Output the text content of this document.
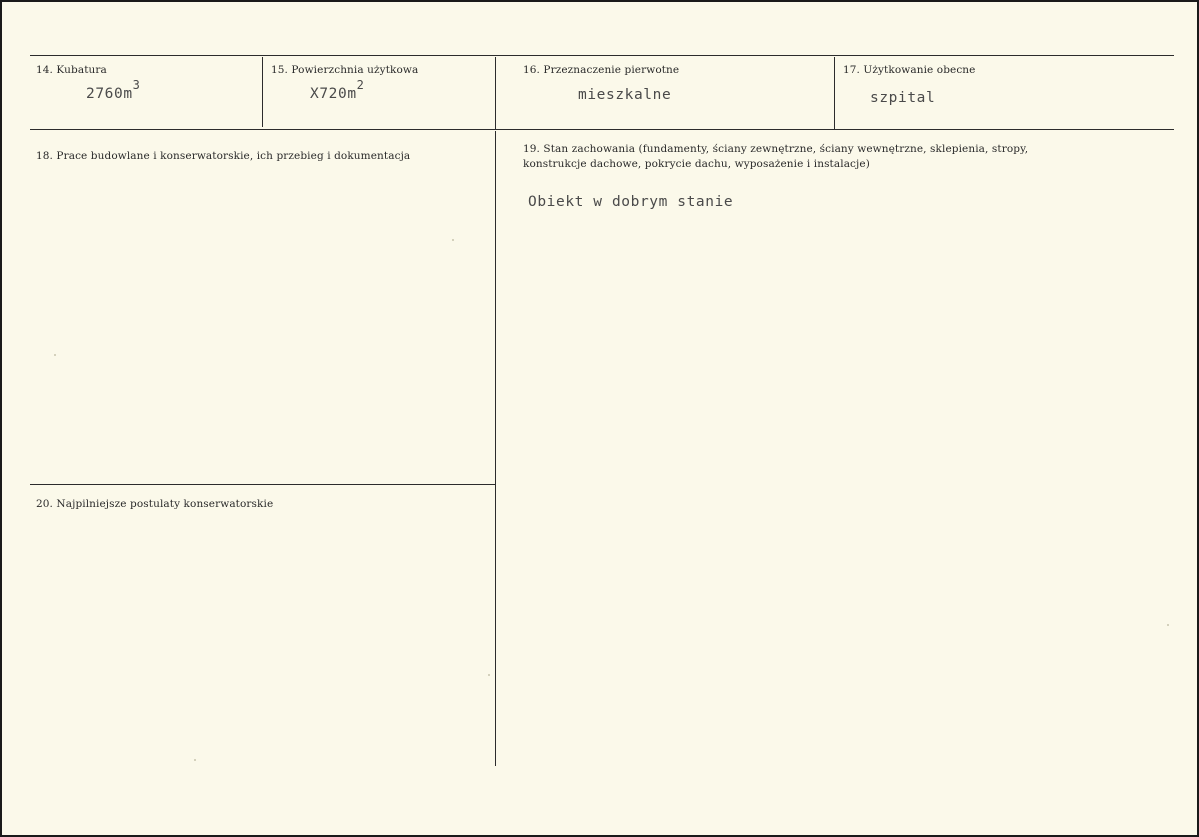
14. Kubatura
$2760m^3$
15. Powierzchnia użytkowa
$X720m^2$
16. Przeznaczenie pierwotne
mieszkalne
17. Użytkowanie obecne
szpital
18. Prace budowlane i konserwatorskie, ich przebieg i dokumentacja
19. Stan zachowania (fundamenty, ściany zewnętrzne, ściany wewnętrzne, sklepienia, stropy,
konstrukcje dachowe, pokrycie dachu, wyposażenie i instalacje)
Obiekt w dobrym stanie
20. Najpilniejsze postulaty konserwatorskie
